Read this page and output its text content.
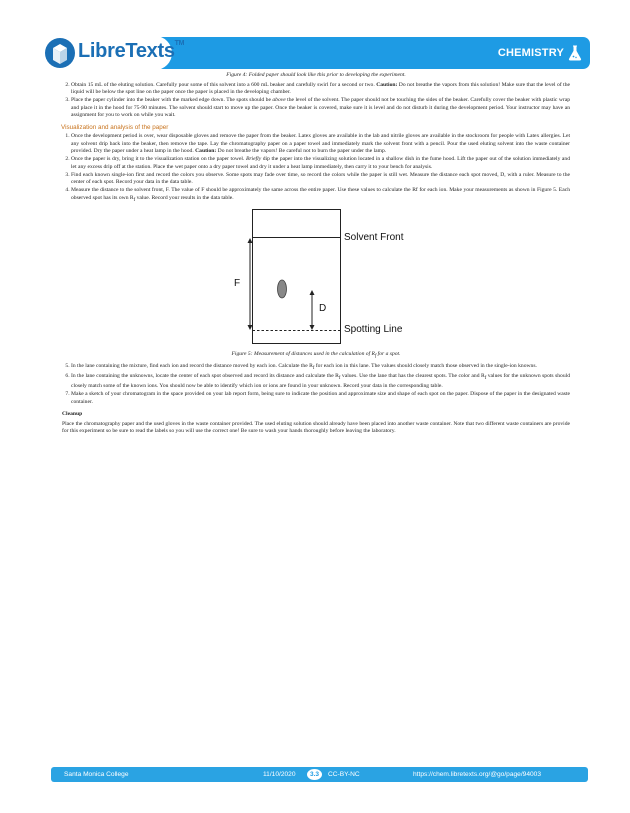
CHEMISTRY
LibreTexts™

Figure 4: Folded paper should look like this prior to developing the experiment.

2. Obtain 15 mL of the eluting solution. Carefully pour some of this solvent into a 600 mL beaker and carefully swirl for a second or two. Caution: Do not breathe the vapors from this solution! Make sure that the level of the liquid will be below the spot line on the paper once the paper is placed in the developing chamber.
3. Place the paper cylinder into the beaker with the marked edge down. The spots should be above the level of the solvent. The paper should not be touching the sides of the beaker. Carefully cover the beaker with plastic wrap and place it in the hood for 75-90 minutes. The solvent should start to move up the paper. Once the beaker is covered, make sure it is level and do not disturb it during the development period. Your instructor may have an assignment for you to work on while you wait.
Visualization and analysis of the paper
1. Once the development period is over, wear disposable gloves and remove the paper from the beaker. Latex gloves are available in the lab and nitrile gloves are available in the stockroom for people with Latex allergies. Let any solvent drip back into the beaker, then remove the tape. Lay the chromatography paper on a paper towel and immediately mark the solvent front with a pencil. Pour the used eluting solvent into the waste container provided. Dry the paper under a heat lamp in the hood. Caution: Do not breathe the vapors! Be careful not to burn the paper under the lamp.
2. Once the paper is dry, bring it to the visualization station on the paper towel. Briefly dip the paper into the visualizing solution located in a shallow dish in the fume hood. Lift the paper out of the solution immediately and let any excess drip off at the station. Place the wet paper onto a dry paper towel and dry it under a heat lamp immediately, then carry it to your bench for analysis.
3. Find each known single-ion first and record the colors you observe. Some spots may fade over time, so record the colors while the paper is still wet. Measure the distance each spot moved, D, with a ruler. Measure to the center of each spot. Record your data in the data table.
4. Measure the distance to the solvent front, F. The value of F should be approximately the same across the entire paper. Use these values to calculate the Rf for each ion. Make your measurements as shown in Figure 5. Each observed spot has its own $R_f$ value. Record your results in the data table.
Solvent Front
F
D
Spotting Line

Figure 5: Measurement of distances used in the calculation of $R_f$ for a spot.

5. In the lane containing the mixture, find each ion and record the distance moved by each ion. Calculate the $R_f$ for each ion in this lane. The values should closely match those observed in the single-ion knowns.
6. In the lane containing the unknowns, locate the center of each spot observed and record its distance and calculate the $R_f$ values. Use the lane that has the clearest spots. The color and $R_f$ values for the unknown spots should closely match some of the known ions. You should now be able to identify which ion or ions are found in your unknown. Record your data in the corresponding table.
7. Make a sketch of your chromatogram in the space provided on your lab report form, being sure to indicate the position and approximate size and shape of each spot on the paper. Dispose of the paper in the designated waste container.
Cleanup

Place the chromatography paper and the used gloves in the waste container provided. The used eluting solution should already have been placed into another waste container. Note that two different waste containers are provide for this experiment so be sure to read the labels so you will use the correct one! Be sure to wash your hands thoroughly before leaving the laboratory.

Santa Monica College	11/10/2020	3.3	CC-BY-NC	https://chem.libretexts.org/@go/page/94003
